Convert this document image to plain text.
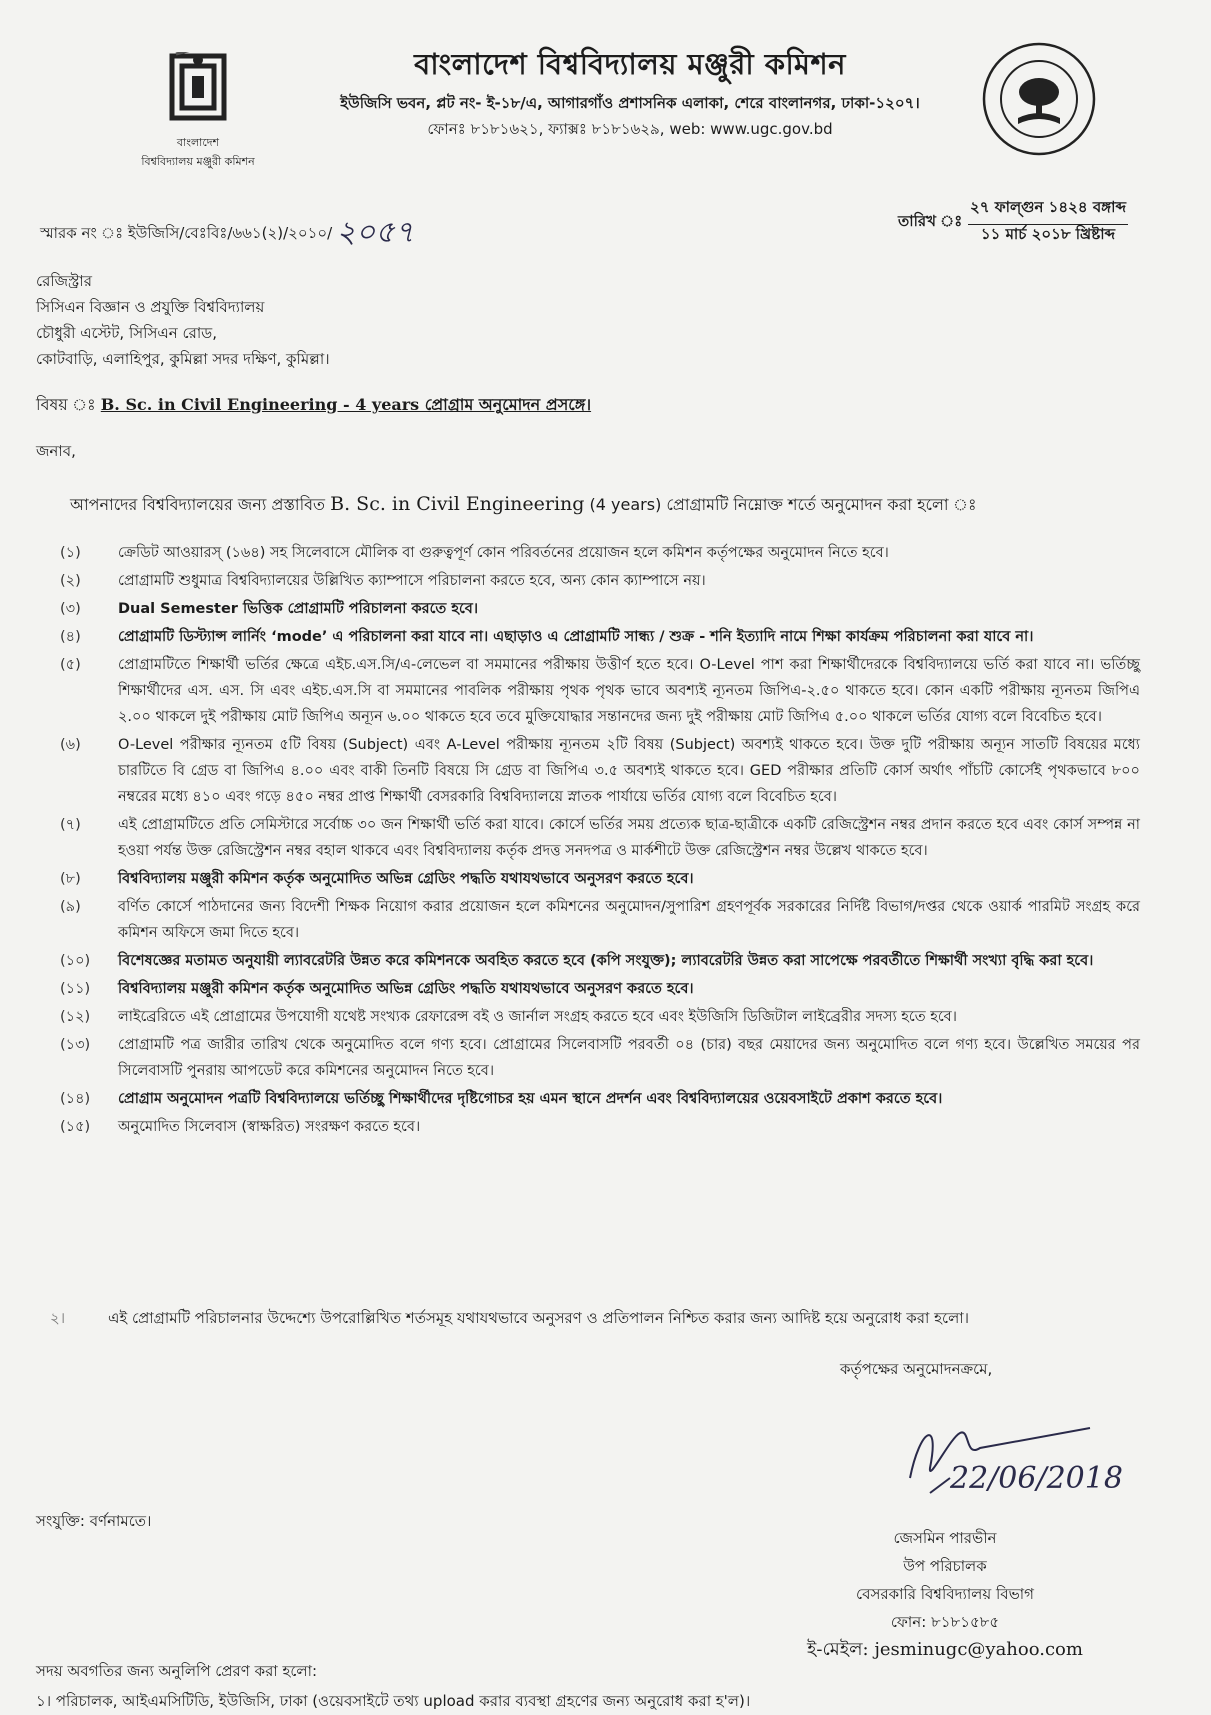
বাংলাদেশ
বিশ্ববিদ্যালয় মঞ্জুরী কমিশন
বাংলাদেশ বিশ্ববিদ্যালয় মঞ্জুরী কমিশন
ইউজিসি ভবন, প্লট নং- ই-১৮/এ, আগারগাঁও প্রশাসনিক এলাকা, শেরে বাংলানগর, ঢাকা-১২০৭।
ফোনঃ ৮১৮১৬২১, ফ্যাক্সঃ ৮১৮১৬২৯, web: www.ugc.gov.bd
স্মারক নং ঃ ইউজিসি/বেঃবিঃ/৬৬১(২)/২০১০/ ২০৫৭	তারিখ ঃ
২৭ ফাল্গুন ১৪২৪ বঙ্গাব্দ
১১ মার্চ ২০১৮ খ্রিষ্টাব্দ
রেজিস্ট্রার
সিসিএন বিজ্ঞান ও প্রযুক্তি বিশ্ববিদ্যালয়
চৌধুরী এস্টেট, সিসিএন রোড,
কোটবাড়ি, এলাহিপুর, কুমিল্লা সদর দক্ষিণ, কুমিল্লা।
বিষয় ঃ B. Sc. in Civil Engineering - 4 years প্রোগ্রাম অনুমোদন প্রসঙ্গে।
জনাব,
আপনাদের বিশ্ববিদ্যালয়ের জন্য প্রস্তাবিত B. Sc. in Civil Engineering (4 years) প্রোগ্রামটি নিম্নোক্ত শর্তে অনুমোদন করা হলো ঃ
(১)	ক্রেডিট আওয়ারস্‌ (১৬৪) সহ সিলেবাসে মৌলিক বা গুরুত্বপূর্ণ কোন পরিবর্তনের প্রয়োজন হলে কমিশন কর্তৃপক্ষের অনুমোদন নিতে হবে।
(২)	প্রোগ্রামটি শুধুমাত্র বিশ্ববিদ্যালয়ের উল্লিখিত ক্যাম্পাসে পরিচালনা করতে হবে, অন্য কোন ক্যাম্পাসে নয়।
(৩)	Dual Semester ভিত্তিক প্রোগ্রামটি পরিচালনা করতে হবে।
(৪)	প্রোগ্রামটি ডিস্ট্যান্স লার্নিং ‘mode’ এ পরিচালনা করা যাবে না। এছাড়াও এ প্রোগ্রামটি সান্ধ্য / শুক্র - শনি ইত্যাদি নামে শিক্ষা কার্যক্রম পরিচালনা করা যাবে না।
(৫)	প্রোগ্রামটিতে শিক্ষার্থী ভর্তির ক্ষেত্রে এইচ.এস.সি/এ-লেভেল বা সমমানের পরীক্ষায় উত্তীর্ণ হতে হবে। O-Level পাশ করা শিক্ষার্থীদেরকে বিশ্ববিদ্যালয়ে ভর্তি করা যাবে না। ভর্তিচ্ছু শিক্ষার্থীদের এস. এস. সি এবং এইচ.এস.সি বা সমমানের পাবলিক পরীক্ষায় পৃথক পৃথক ভাবে অবশ্যই ন্যূনতম জিপিএ-২.৫০ থাকতে হবে। কোন একটি পরীক্ষায় ন্যূনতম জিপিএ ২.০০ থাকলে দুই পরীক্ষায় মোট জিপিএ অন্যূন ৬.০০ থাকতে হবে তবে মুক্তিযোদ্ধার সন্তানদের জন্য দুই পরীক্ষায় মোট জিপিএ ৫.০০ থাকলে ভর্তির যোগ্য বলে বিবেচিত হবে।
(৬)	O-Level পরীক্ষার ন্যূনতম ৫টি বিষয় (Subject) এবং A-Level পরীক্ষায় ন্যূনতম ২টি বিষয় (Subject) অবশ্যই থাকতে হবে। উক্ত দুটি পরীক্ষায় অন্যূন সাতটি বিষয়ের মধ্যে চারটিতে বি গ্রেড বা জিপিএ ৪.০০ এবং বাকী তিনটি বিষয়ে সি গ্রেড বা জিপিএ ৩.৫ অবশ্যই থাকতে হবে। GED পরীক্ষার প্রতিটি কোর্স অর্থাৎ পাঁচটি কোর্সেই পৃথকভাবে ৮০০ নম্বরের মধ্যে ৪১০ এবং গড়ে ৪৫০ নম্বর প্রাপ্ত শিক্ষার্থী বেসরকারি বিশ্ববিদ্যালয়ে স্নাতক পার্যায়ে ভর্তির যোগ্য বলে বিবেচিত হবে।
(৭)	এই প্রোগ্রামটিতে প্রতি সেমিস্টারে সর্বোচ্চ ৩০ জন শিক্ষার্থী ভর্তি করা যাবে। কোর্সে ভর্তির সময় প্রত্যেক ছাত্র-ছাত্রীকে একটি রেজিস্ট্রেশন নম্বর প্রদান করতে হবে এবং কোর্স সম্পন্ন না হওয়া পর্যন্ত উক্ত রেজিস্ট্রেশন নম্বর বহাল থাকবে এবং বিশ্ববিদ্যালয় কর্তৃক প্রদত্ত সনদপত্র ও মার্কশীটে উক্ত রেজিস্ট্রেশন নম্বর উল্লেখ থাকতে হবে।
(৮)	বিশ্ববিদ্যালয় মঞ্জুরী কমিশন কর্তৃক অনুমোদিত অভিন্ন গ্রেডিং পদ্ধতি যথাযথভাবে অনুসরণ করতে হবে।
(৯)	বর্ণিত কোর্সে পাঠদানের জন্য বিদেশী শিক্ষক নিয়োগ করার প্রয়োজন হলে কমিশনের অনুমোদন/সুপারিশ গ্রহণপূর্বক সরকারের নির্দিষ্ট বিভাগ/দপ্তর থেকে ওয়ার্ক পারমিট সংগ্রহ করে কমিশন অফিসে জমা দিতে হবে।
(১০)	বিশেষজ্ঞের মতামত অনুযায়ী ল্যাবরেটরি উন্নত করে কমিশনকে অবহিত করতে হবে (কপি সংযুক্ত); ল্যাবরেটরি উন্নত করা সাপেক্ষে পরবর্তীতে শিক্ষার্থী সংখ্যা বৃদ্ধি করা হবে।
(১১)	বিশ্ববিদ্যালয় মঞ্জুরী কমিশন কর্তৃক অনুমোদিত অভিন্ন গ্রেডিং পদ্ধতি যথাযথভাবে অনুসরণ করতে হবে।
(১২)	লাইব্রেরিতে এই প্রোগ্রামের উপযোগী যথেষ্ট সংখ্যক রেফারেন্স বই ও জার্নাল সংগ্রহ করতে হবে এবং ইউজিসি ডিজিটাল লাইব্রেরীর সদস্য হতে হবে।
(১৩)	প্রোগ্রামটি পত্র জারীর তারিখ থেকে অনুমোদিত বলে গণ্য হবে। প্রোগ্রামের সিলেবাসটি পরবর্তী ০৪ (চার) বছর মেয়াদের জন্য অনুমোদিত বলে গণ্য হবে। উল্লেখিত সময়ের পর সিলেবাসটি পুনরায় আপডেট করে কমিশনের অনুমোদন নিতে হবে।
(১৪)	প্রোগ্রাম অনুমোদন পত্রটি বিশ্ববিদ্যালয়ে ভর্তিচ্ছু শিক্ষার্থীদের দৃষ্টিগোচর হয় এমন স্থানে প্রদর্শন এবং বিশ্ববিদ্যালয়ের ওয়েবসাইটে প্রকাশ করতে হবে।
(১৫)	অনুমোদিত সিলেবাস (স্বাক্ষরিত) সংরক্ষণ করতে হবে।
২।	এই প্রোগ্রামটি পরিচালনার উদ্দেশ্যে উপরোল্লিখিত শর্তসমূহ যথাযথভাবে অনুসরণ ও প্রতিপালন নিশ্চিত করার জন্য আদিষ্ট হয়ে অনুরোধ করা হলো।
কর্তৃপক্ষের অনুমোদনক্রমে,
22/06/2018
সংযুক্তি: বর্ণনামতে।
জেসমিন পারভীন
উপ পরিচালক
বেসরকারি বিশ্ববিদ্যালয় বিভাগ
ফোন: ৮১৮১৫৮৫
ই-মেইল: jesminugc@yahoo.com
সদয় অবগতির জন্য অনুলিপি প্রেরণ করা হলো:
১। পরিচালক, আইএমসিটিডি, ইউজিসি, ঢাকা (ওয়েবসাইটে তথ্য upload করার ব্যবস্থা গ্রহণের জন্য অনুরোধ করা হ'ল)।
